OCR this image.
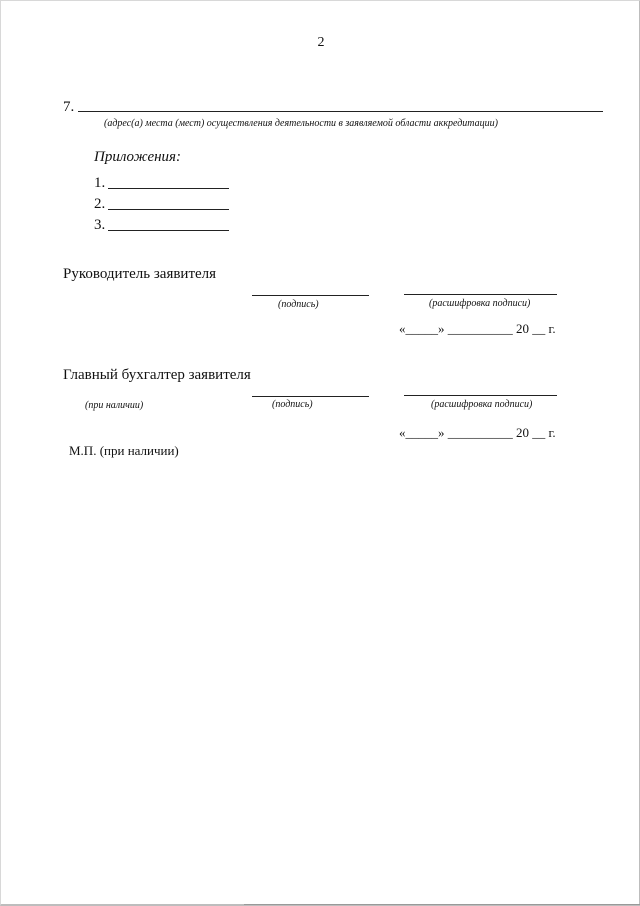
2
7.
(адрес(а) места (мест) осуществления деятельности в заявляемой области аккредитации)
Приложения:
1.
2.
3.
Руководитель заявителя
(подпись)	(расшифровка подписи)
«_____» __________ 20 __ г.
Главный бухгалтер заявителя
(при наличии)	(подпись)	(расшифровка подписи)
«_____» __________ 20 __ г.
М.П. (при наличии)
